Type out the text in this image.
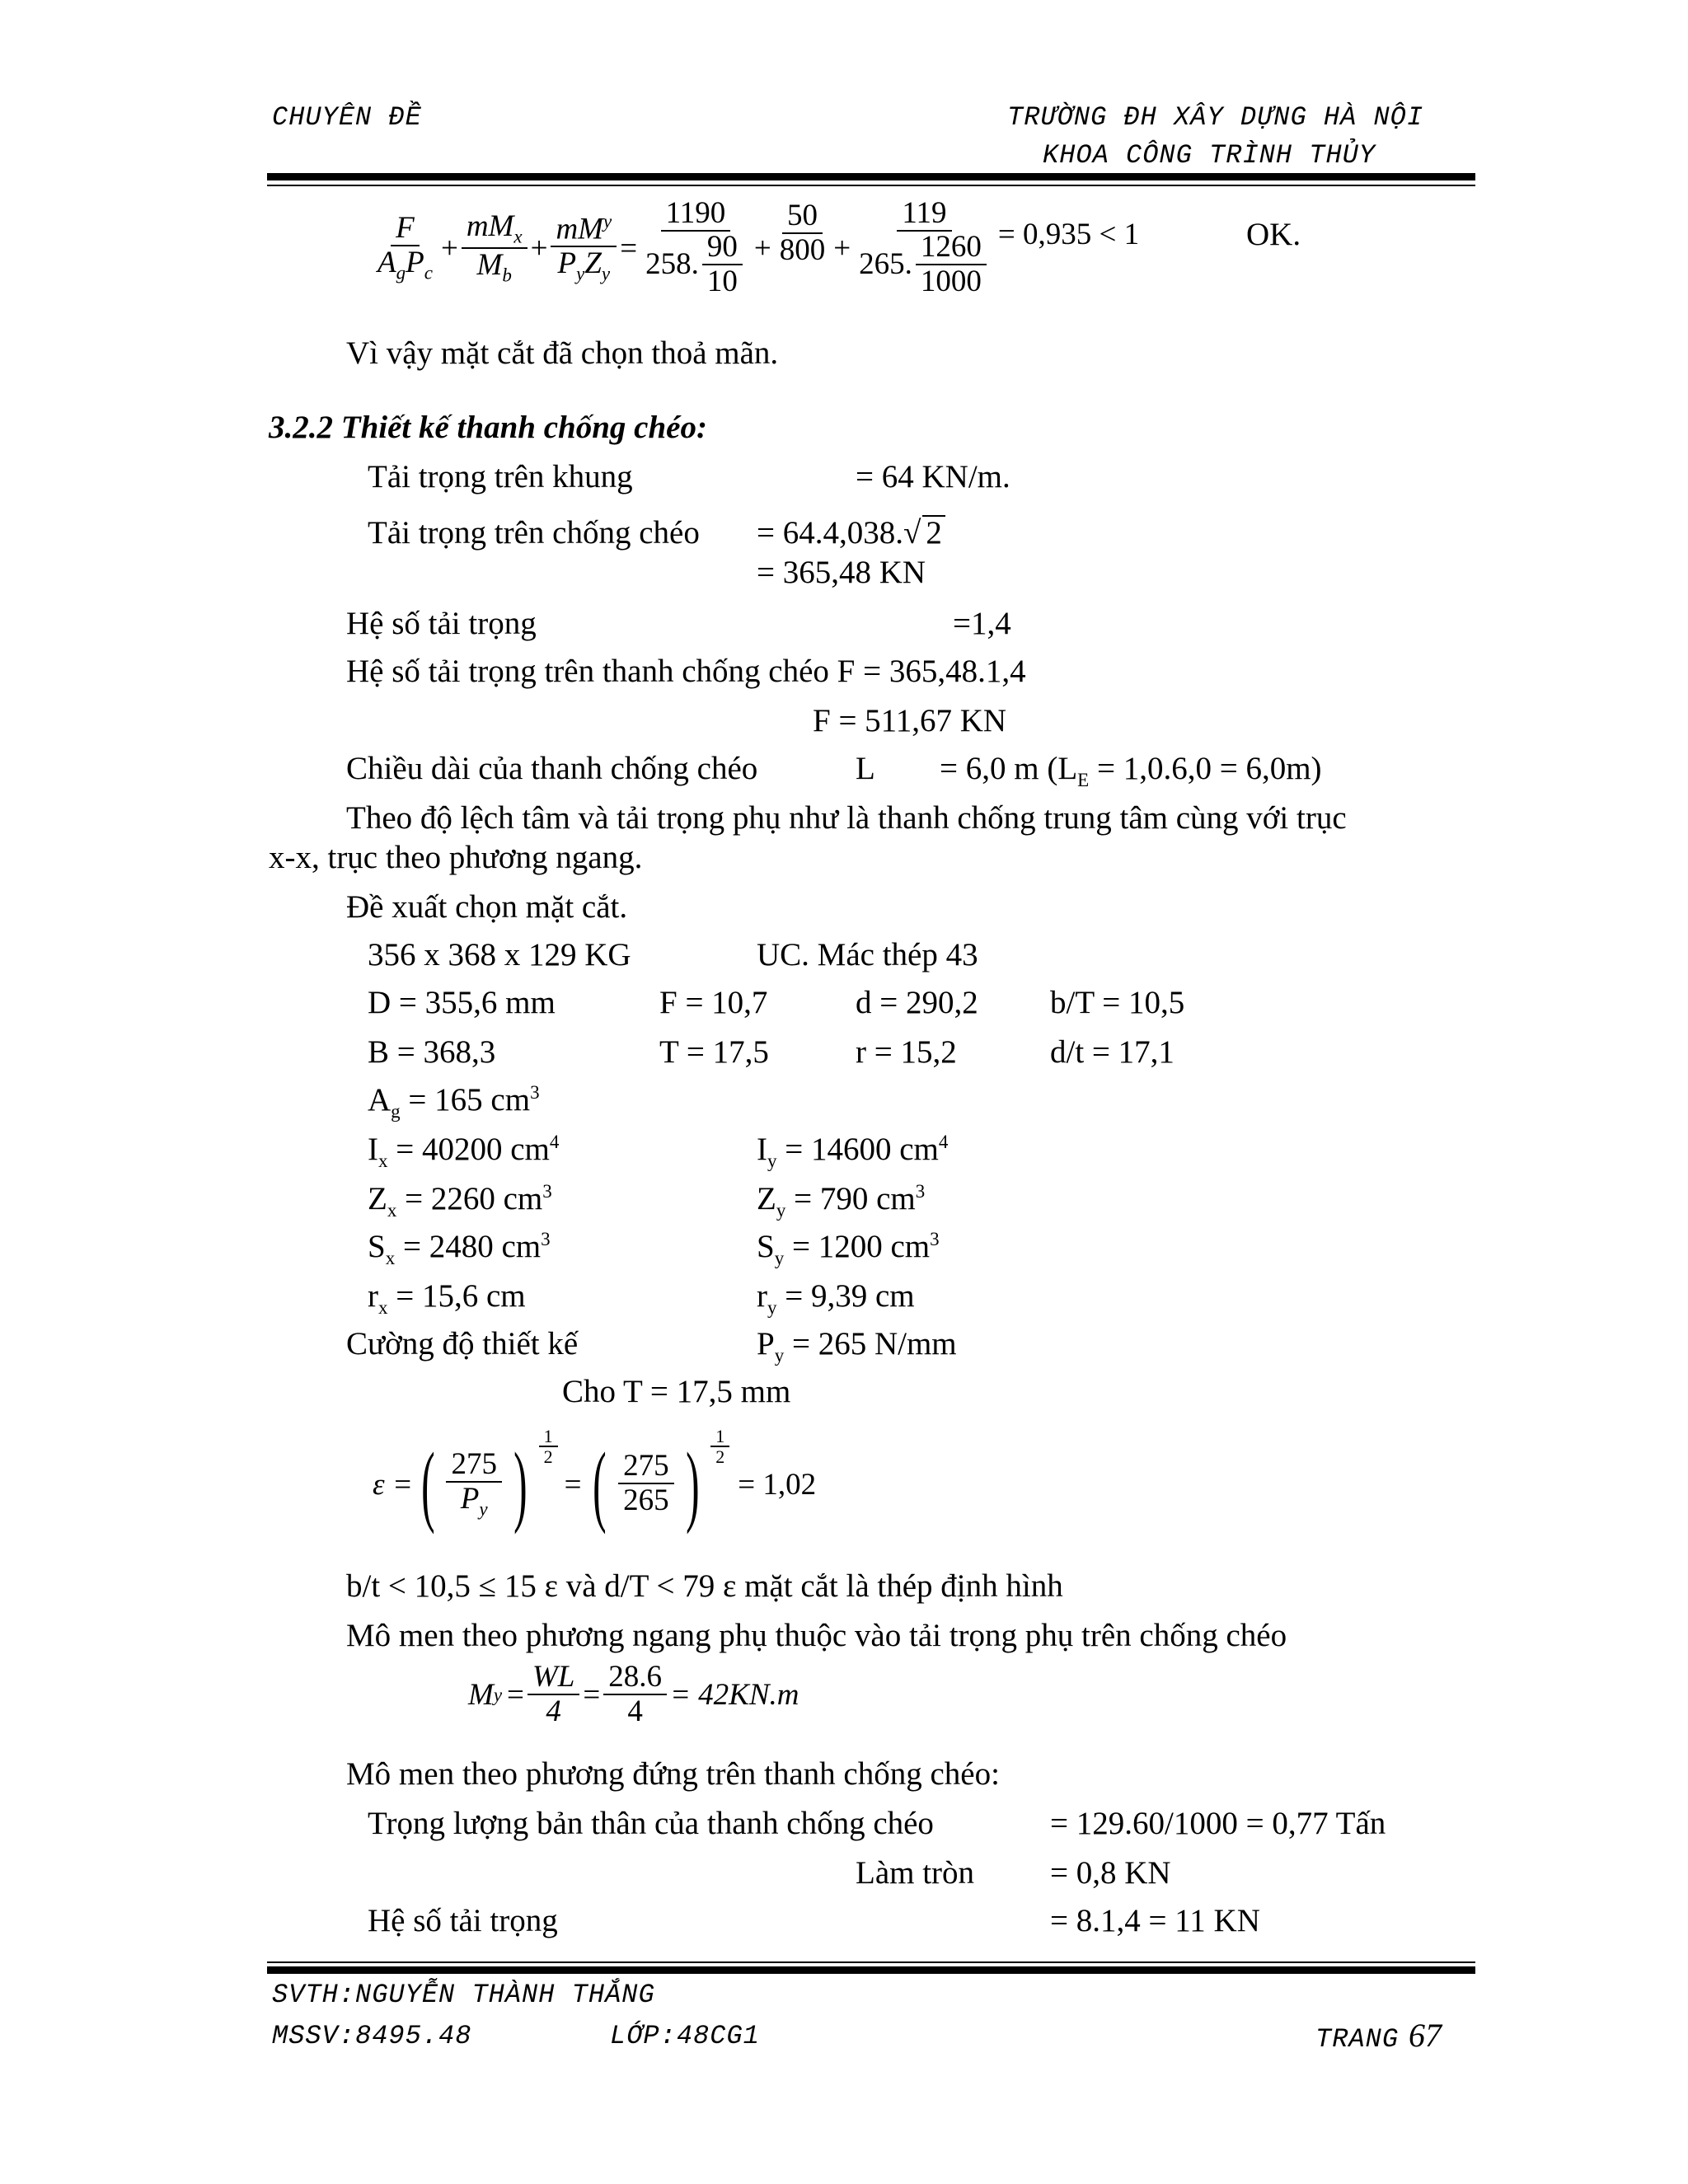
CHUYÊN ĐỀ	TRƯỜNG ĐH XÂY DỰNG HÀ NỘI
KHOA CÔNG TRÌNH THỦY
$\frac{F}{A_gP_c} + \frac{mM_x}{M_b} + \frac{mM^y}{P_yZ_y} = \frac{1190}{258. \frac{90}{10}} + \frac{50}{800} + \frac{119}{265. \frac{1260}{1000}} = 0,935 < 1$	OK.
Vì vậy mặt cắt đã chọn thoả mãn.
3.2.2 Thiết kế thanh chống chéo:
Tải trọng trên khung	= 64 KN/m.
Tải trọng trên chống chéo = 64.4,038.√ 2
= 365,48 KN
Hệ số tải trọng	=1,4
Hệ số tải trọng trên thanh chống chéo F = 365,48.1,4
F = 511,67 KN
Chiều dài của thanh chống chéo	L = 6,0 m $(L_E = 1,0.6,0 = 6,0m)$
Theo độ lệch tâm và tải trọng phụ như là thanh chống trung tâm cùng với trục
x-x, trục theo phương ngang.
Đề xuất chọn mặt cắt.
356 x 368 x 129 KG	UC. Mác thép 43
D = 355,6 mm	F = 10,7	d = 290,2 b/T = 10,5
B = 368,3	T = 17,5	r = 15,2	d/t = 17,1
$A_g = 165$ $cm^3$
$I_x = 40200$ $cm^4$	$I_y = 14600$ $cm^4$
$Z_x = 2260$ $cm^3$	$Z_y = 790$ $cm^3$
$S_x = 2480$ $cm^3$	$S_y = 1200$ $cm^3$
$r_x = 15,6$ cm	$r_y = 9,39$ cm
Cường độ thiết kế	$P_y = 265$ N/mm
Cho T = 17,5 mm
ε = ( $\frac{275}{P_y}$ ) $\frac{1}{2}$
= ( $\frac{275}{265}$ ) $\frac{1}{2}$
= 1,02
b/t < 10,5 ≤ 15 ε và d/T < 79 ε mặt cắt là thép định hình
Mô men theo phương ngang phụ thuộc vào tải trọng phụ trên chống chéo
M $y = \frac{WL}{4} = \frac{28.6}{4} = 42KN.m$
Mô men theo phương đứng trên thanh chống chéo:
Trọng lượng bản thân của thanh chống chéo	= 129.60/1000 = 0,77 Tấn
Làm tròn = 0,8 KN
Hệ số tải trọng	= 8.1,4 = 11 KN
SVTH:NGUYỄN THÀNH THẮNG
MSSV:8495.48	LỚP:48CG1	TRANG 67
